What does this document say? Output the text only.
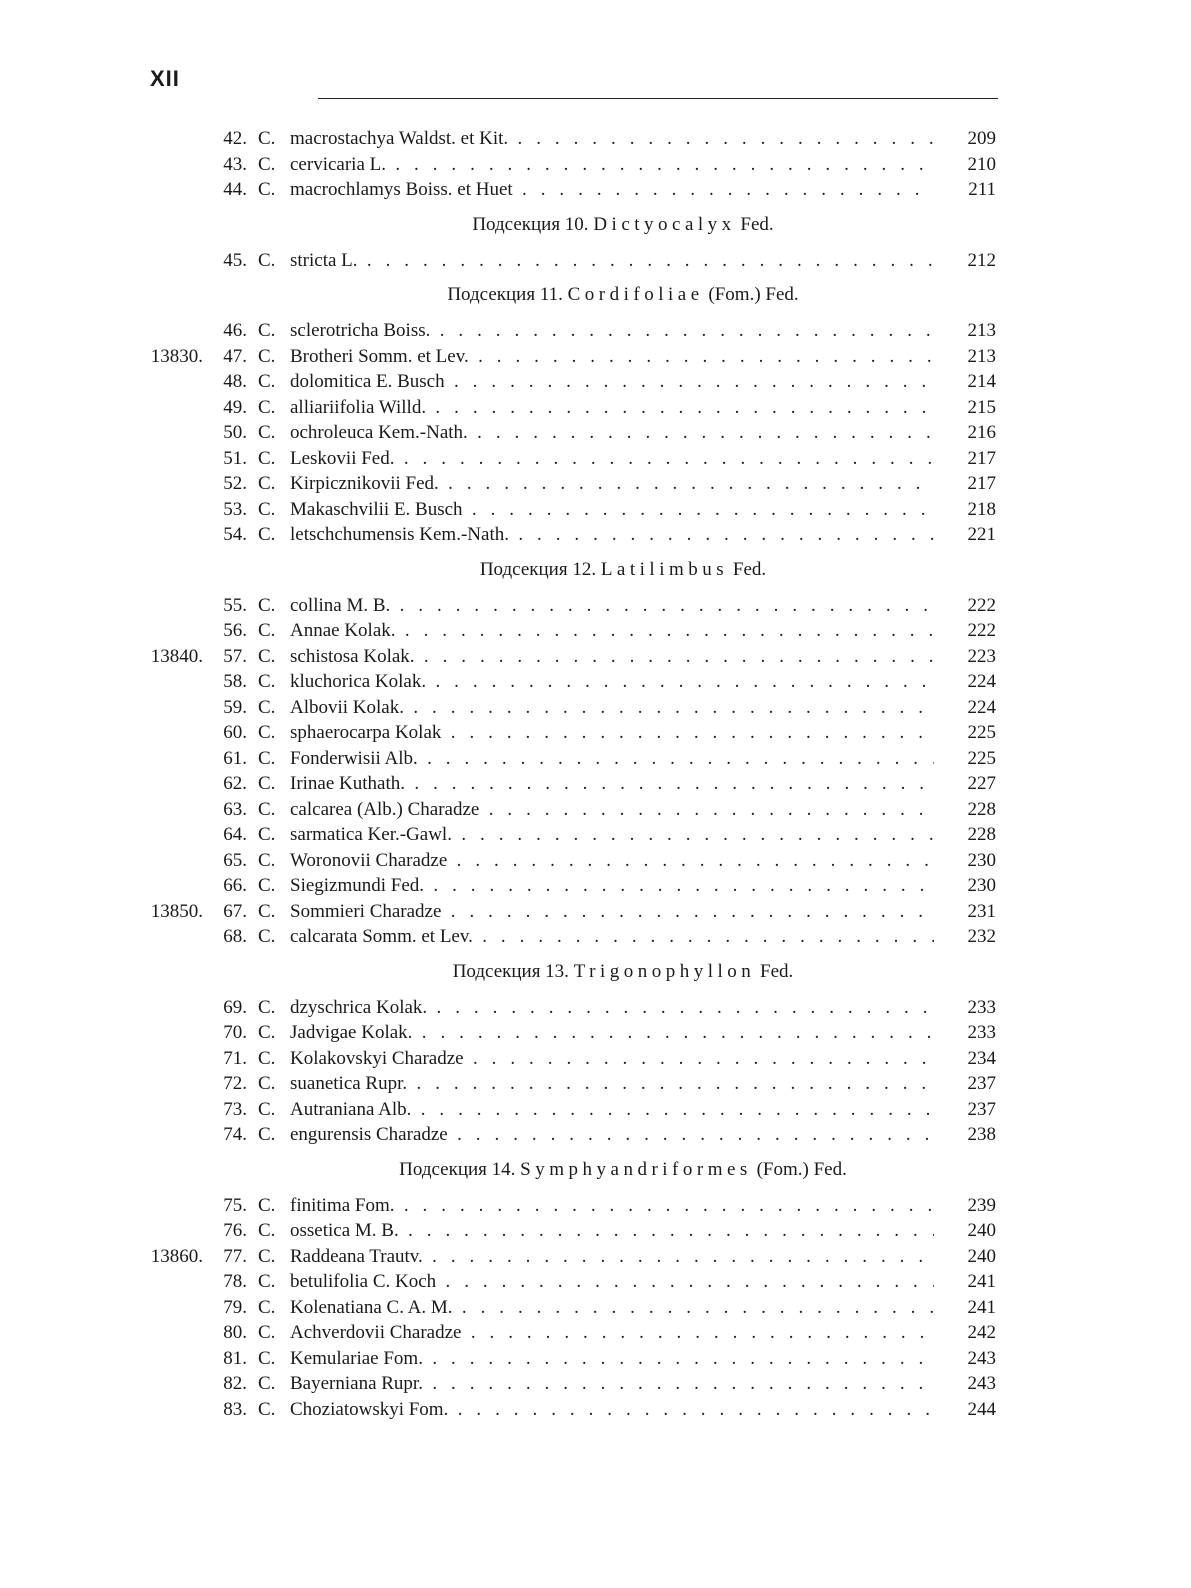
XII
42. C. macrostachya Waldst. et Kit. . . .	209
43. C. cervicaria L. . . .	210
44. C. macrochlamys Boiss. et Huet . . .	211
Подсекция 10. Dictyocalyx Fed.
45. C. stricta L. . . .	212
Подсекция 11. Cordifoliae (Fom.) Fed.
46. C. sclerotricha Boiss. . . .	213
13830. 47. C. Brotheri Somm. et Lev. . . .	213
48. C. dolomitica E. Busch . . .	214
49. C. alliariifolia Willd. . . .	215
50. C. ochroleuca Kem.-Nath. . . .	216
51. C. Leskovii Fed. . . .	217
52. C. Kirpicznikovii Fed. . . .	217
53. C. Makaschvilii E. Busch . . .	218
54. C. letschchumensis Kem.-Nath. . . .	221
Подсекция 12. Latilimbus Fed.
55. C. collina M. B. . . .	222
56. C. Annae Kolak. . . .	222
13840. 57. C. schistosa Kolak. . . .	223
58. C. kluchorica Kolak. . . .	224
59. C. Albovii Kolak. . . .	224
60. C. sphaerocarpa Kolak . . .	225
61. C. Fonderwisii Alb. . . .	225
62. C. Irinae Kuthath. . . .	227
63. C. calcarea (Alb.) Charadze . . .	228
64. C. sarmatica Ker.-Gawl. . . .	228
65. C. Woronovii Charadze . . .	230
66. C. Siegizmundi Fed. . . .	230
13850. 67. C. Sommieri Charadze . . .	231
68. C. calcarata Somm. et Lev. . . .	232
Подсекция 13. Trigonophyllon Fed.
69. C. dzyschrica Kolak. . . .	233
70. C. Jadvigae Kolak. . . .	233
71. C. Kolakovskyi Charadze . . .	234
72. C. suanetica Rupr. . . .	237
73. C. Autraniana Alb. . . .	237
74. C. engurensis Charadze . . .	238
Подсекция 14. Symphyandriformes (Fom.) Fed.
75. C. finitima Fom. . . .	239
76. C. ossetica M. B. . . .	240
13860. 77. C. Raddeana Trautv. . . .	240
78. C. betulifolia C. Koch . . .	241
79. C. Kolenatiana C. A. M. . . .	241
80. C. Achverdovii Charadze . . .	242
81. C. Kemulariae Fom. . . .	243
82. C. Bayerniana Rupr. . . .	243
83. C. Choziatowskyi Fom. . . .	244
